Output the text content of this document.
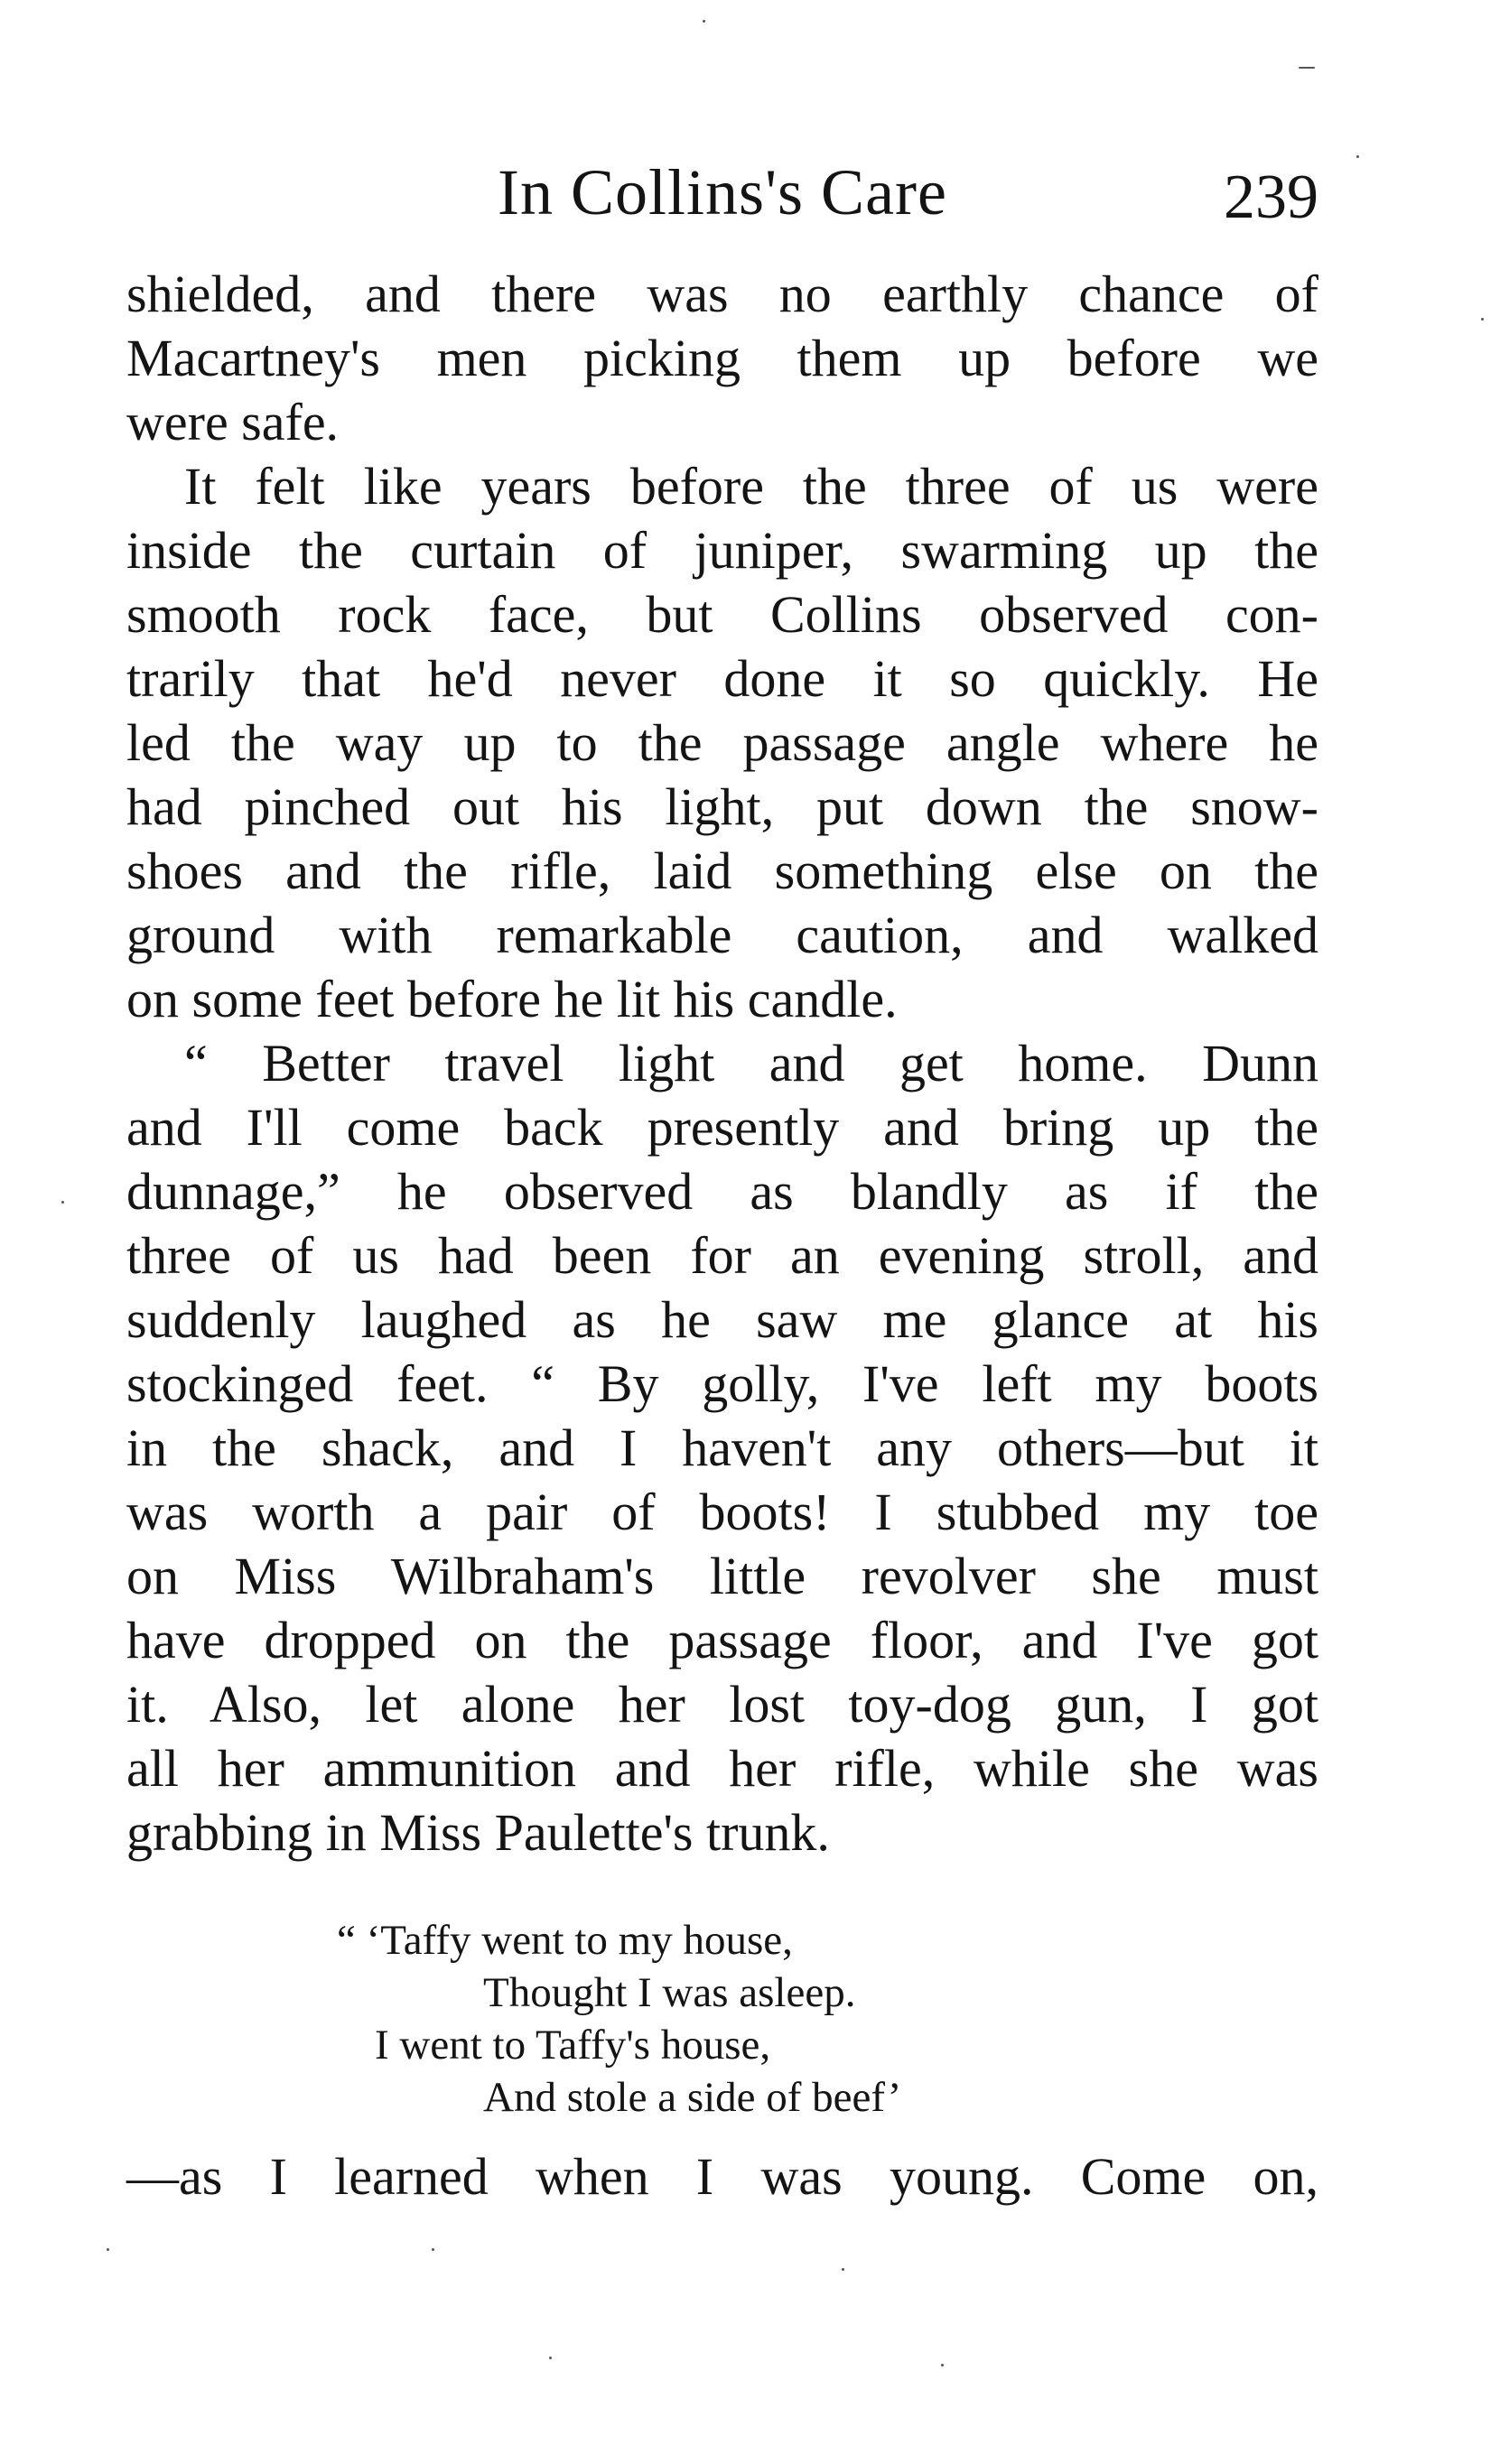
In Collins's Care	239
shielded, and there was no earthly chance of
Macartney's men picking them up before we
were safe.
It felt like years before the three of us were
inside the curtain of juniper, swarming up the
smooth rock face, but Collins observed con-
trarily that he'd never done it so quickly. He
led the way up to the passage angle where he
had pinched out his light, put down the snow-
shoes and the rifle, laid something else on the
ground with remarkable caution, and walked
on some feet before he lit his candle.
“ Better travel light and get home. Dunn
and I'll come back presently and bring up the
dunnage,” he observed as blandly as if the
three of us had been for an evening stroll, and
suddenly laughed as he saw me glance at his
stockinged feet. “ By golly, I've left my boots
in the shack, and I haven't any others—but it
was worth a pair of boots! I stubbed my toe
on Miss Wilbraham's little revolver she must
have dropped on the passage floor, and I've got
it. Also, let alone her lost toy-dog gun, I got
all her ammunition and her rifle, while she was
grabbing in Miss Paulette's trunk.
“ ‘Taffy went to my house,
Thought I was asleep.
I went to Taffy's house,
And stole a side of beef’
—as I learned when I was young. Come on,
